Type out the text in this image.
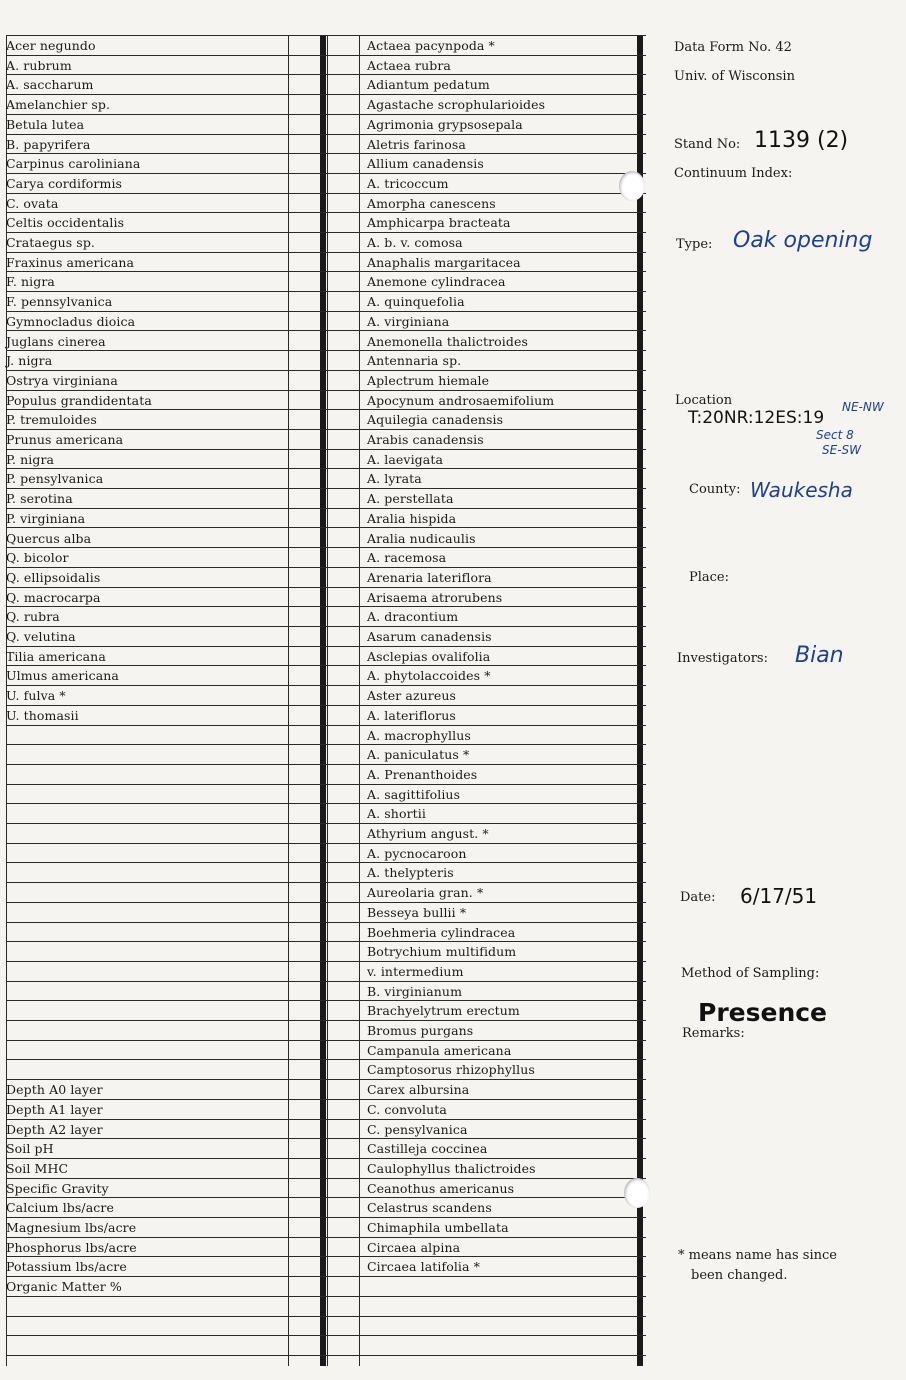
Acer negundo
A. rubrum
A. saccharum
Amelanchier sp.
Betula lutea
B. papyrifera
Carpinus caroliniana
Carya cordiformis
C. ovata
Celtis occidentalis
Crataegus sp.
Fraxinus americana
F. nigra
F. pennsylvanica
Gymnocladus dioica
Juglans cinerea
J. nigra
Ostrya virginiana
Populus grandidentata
P. tremuloides
Prunus americana
P. nigra
P. pensylvanica
P. serotina
P. virginiana
Quercus alba
Q. bicolor
Q. ellipsoidalis
Q. macrocarpa
Q. rubra
Q. velutina
Tilia americana
Ulmus americana
U. fulva *
U. thomasii
Depth A0 layer
Depth A1 layer
Depth A2 layer
Soil pH
Soil MHC
Specific Gravity
Calcium lbs/acre
Magnesium lbs/acre
Phosphorus lbs/acre
Potassium lbs/acre
Organic Matter %
Actaea pacynpoda *
Actaea rubra
Adiantum pedatum
Agastache scrophularioides
Agrimonia grypsosepala
Aletris farinosa
Allium canadensis
A. tricoccum
Amorpha canescens
Amphicarpa bracteata
A. b. v. comosa
Anaphalis margaritacea
Anemone cylindracea
A. quinquefolia
A. virginiana
Anemonella thalictroides
Antennaria sp.
Aplectrum hiemale
Apocynum androsaemifolium
Aquilegia canadensis
Arabis canadensis
A. laevigata
A. lyrata
A. perstellata
Aralia hispida
Aralia nudicaulis
A. racemosa
Arenaria lateriflora
Arisaema atrorubens
A. dracontium
Asarum canadensis
Asclepias ovalifolia
A. phytolaccoides *
Aster azureus
A. lateriflorus
A. macrophyllus
A. paniculatus *
A. Prenanthoides
A. sagittifolius
A. shortii
Athyrium angust. *
A. pycnocaroon
A. thelypteris
Aureolaria gran. *
Besseya bullii *
Boehmeria cylindracea
Botrychium multifidum
v. intermedium
B. virginianum
Brachyelytrum erectum
Bromus purgans
Campanula americana
Camptosorus rhizophyllus
Carex albursina
C. convoluta
C. pensylvanica
Castilleja coccinea
Caulophyllus thalictroides
Ceanothus americanus
Celastrus scandens
Chimaphila umbellata
Circaea alpina
Circaea latifolia *
Data Form No. 42
Univ. of Wisconsin
Stand No: 1139 (2)
Continuum Index:
Type: Oak opening
Location
T:20NR:12ES:19
NE-NW
Sect 8
SE-SW
County: Waukesha
Place:
Investigators: Bian
Date: 6/17/51
Method of Sampling:
Presence
Remarks:
* means name has since
been changed.
